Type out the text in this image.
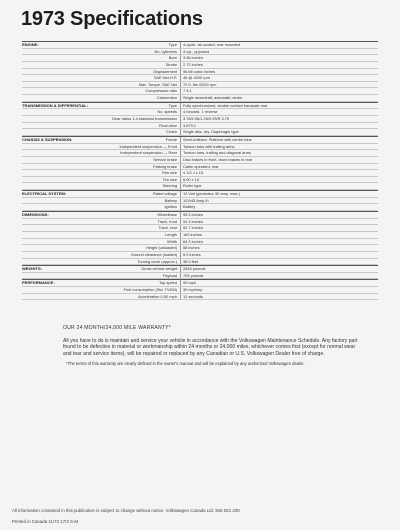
1973 Specifications
ENGINE:	Type	4-cycle, air-cooled, rear mounted
No. cylinders	4 cyl., opposed
Bore	3.36 inches
Stroke	2.72 inches
Displacement	96.66 cubic inches
SAE Net H.P.	46 @ 4000 rpm
Max. Torque, SAE Net	72 ft. lbs./2000 rpm
Compression ratio	7.3:1
Carburetion	Single downdraft, automatic choke
TRANSMISSION & DIFFERENTIAL:	Type	Fully synchronized, double contact transaxle rear
No. speeds	4 forward, 1 reverse
Gear ratios 1-4 standard transmission	3.78/2.06/1.26/0.93/R 3.79
Final drive	3.875:1
Clutch	Single disc, dry. Diaphragm type
CHASSIS & SUSPENSION:	Frame	Semi-unitized. Platform with centre tube
Independent suspension — Front	Torsion bars with trailing arms
Independent suspension — Rear	Torsion bars, trailing and diagonal arms
Service brake	Disc brakes in front, drum brakes in rear
Parking brake	Cable operated, rear
Rim size	4 1/2 J x 15
Tire size	6.00 x 15
Steering	Roller type
ELECTRICAL SYSTEM:	Rated voltage	12 Volt (generator 30 amp. max.)
Battery	12V/45 Amp./h
Ignition	Battery
DIMENSIONS:	Wheelbase	95.3 inches
Track, front	54.3 inches
Track, rear	52.7 inches
Length	163 inches
Width	64.3 inches
Height (unloaded)	58 inches
Ground clearance (loaded)	5.9 inches
Turning circle (approx.)	36.0 feet
WEIGHTS:	Gross vehicle weight	2645 pounds
Payload	705 pounds
PERFORMANCE:	Top speed	90 mph
Fuel consumption (Std. TVDM)	30 mph/mp
Acceleration 0-50 mph	12 seconds
OUR 24 MONTH/24,000 MILE WARRANTY*
All you have to do is maintain and service your vehicle in accordance with the Volkswagen Maintenance Schedule. Any factory part found to be defective in material or workmanship within 24 months or 24,000 miles, whichever comes first (except for normal wear and tear and service items), will be repaired or replaced by any Canadian or U.S. Volkswagen Dealer free of charge.
*The terms of this warranty are clearly defined in the owner's manual and will be explained by any authorized Volkswagen dealer.
All information contained in this publication is subject to change without notice. Volkswagen Canada Ltd. 845 021 200
Printed in Canada 11/72 17/3 S-M
